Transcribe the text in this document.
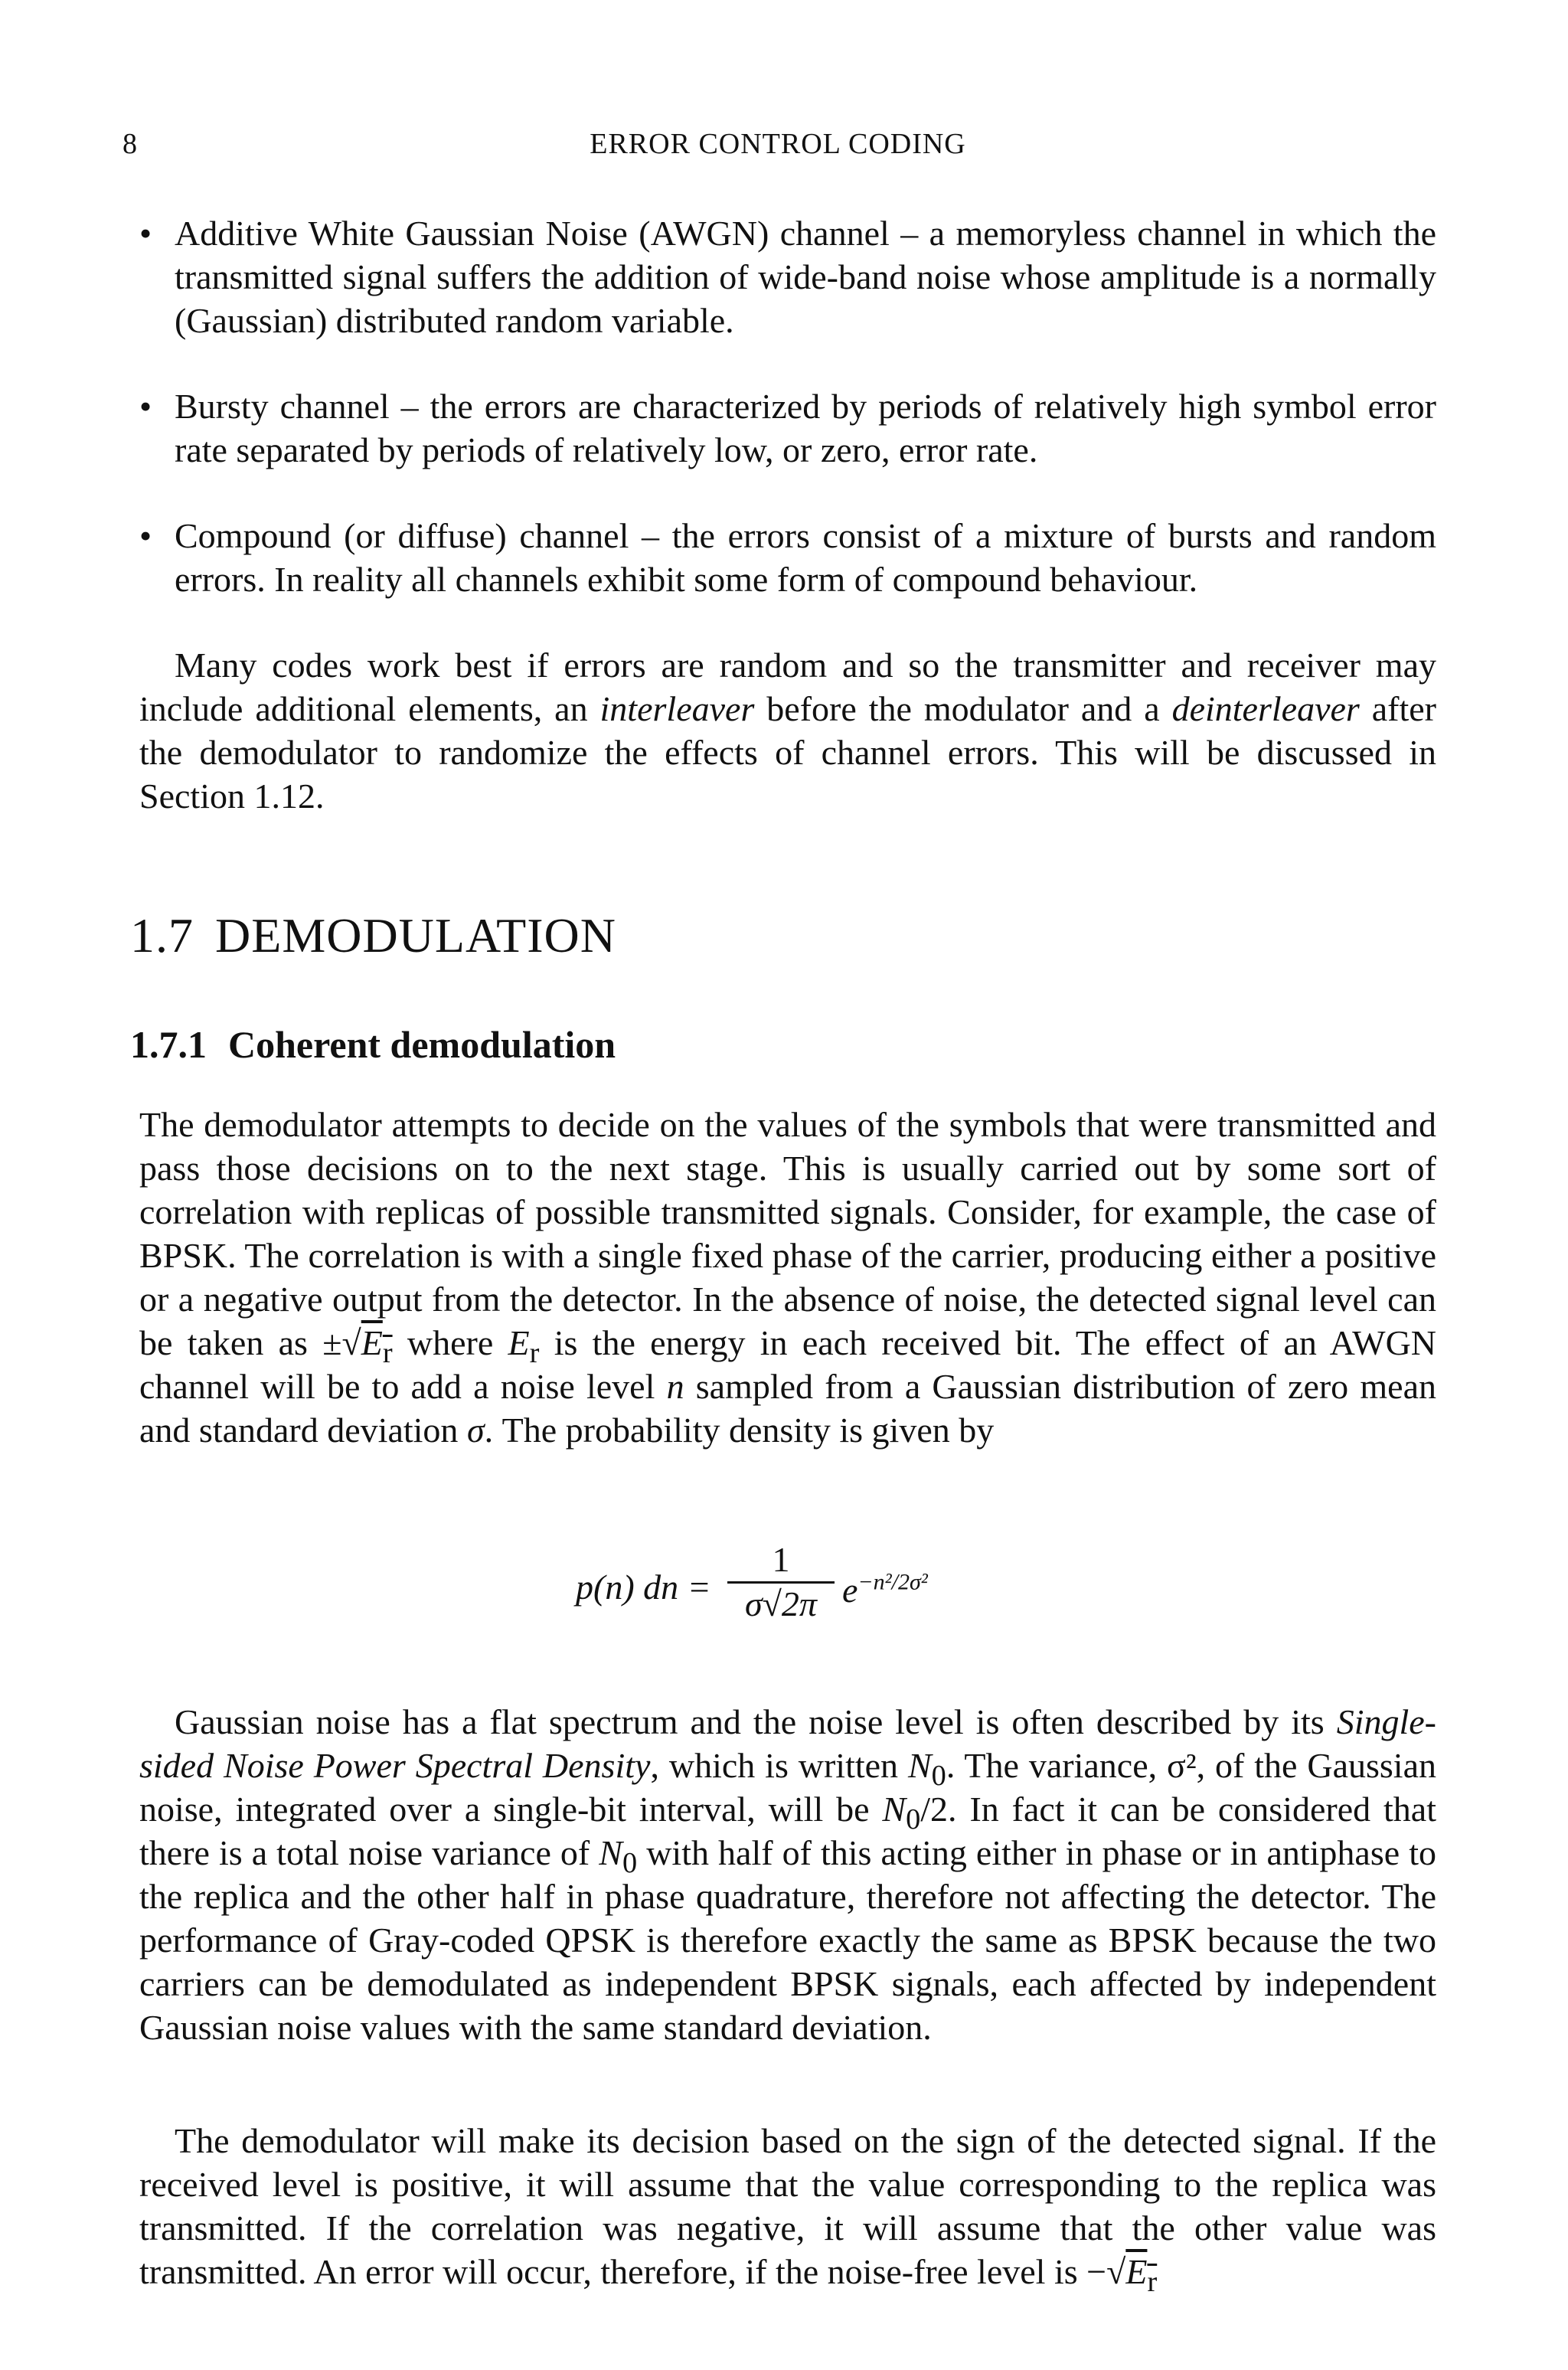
8	ERROR CONTROL CODING
• Additive White Gaussian Noise (AWGN) channel – a memoryless channel in which the transmitted signal suffers the addition of wide-band noise whose amplitude is a normally (Gaussian) distributed random variable.
• Bursty channel – the errors are characterized by periods of relatively high symbol error rate separated by periods of relatively low, or zero, error rate.
• Compound (or diffuse) channel – the errors consist of a mixture of bursts and random errors. In reality all channels exhibit some form of compound behaviour.

Many codes work best if errors are random and so the transmitter and receiver may include additional elements, an interleaver before the modulator and a deinterleaver after the demodulator to randomize the effects of channel errors. This will be discussed in Section 1.12.

1.7 DEMODULATION
1.7.1 Coherent demodulation

The demodulator attempts to decide on the values of the symbols that were transmitted and pass those decisions on to the next stage. This is usually carried out by some sort of correlation with replicas of possible transmitted signals. Consider, for example, the case of BPSK. The correlation is with a single fixed phase of the carrier, producing either a positive or a negative output from the detector. In the absence of noise, the detected signal level can be taken as $\pm√E_{\overline{r}}$ where $E_r$ is the energy in each received bit. The effect of an AWGN channel will be to add a noise level n sampled from a Gaussian distribution of zero mean and standard deviation σ. The probability density is given by

p(n) dn =
1
σ√2π $e^{-n^2/2\sigma^2}$

Gaussian noise has a flat spectrum and the noise level is often described by its Single-sided Noise Power Spectral Density, which is written $N_0$. The variance, σ², of the Gaussian noise, integrated over a single-bit interval, will be $N_0/2$. In fact it can be considered that there is a total noise variance of $N_0$ with half of this acting either in phase or in antiphase to the replica and the other half in phase quadrature, therefore not affecting the detector. The performance of Gray-coded QPSK is therefore exactly the same as BPSK because the two carriers can be demodulated as independent BPSK signals, each affected by independent Gaussian noise values with the same standard deviation.

The demodulator will make its decision based on the sign of the detected signal. If the received level is positive, it will assume that the value corresponding to the replica was transmitted. If the correlation was negative, it will assume that the other value was transmitted. An error will occur, therefore, if the noise-free level is $-√E_{\overline{r}}$
